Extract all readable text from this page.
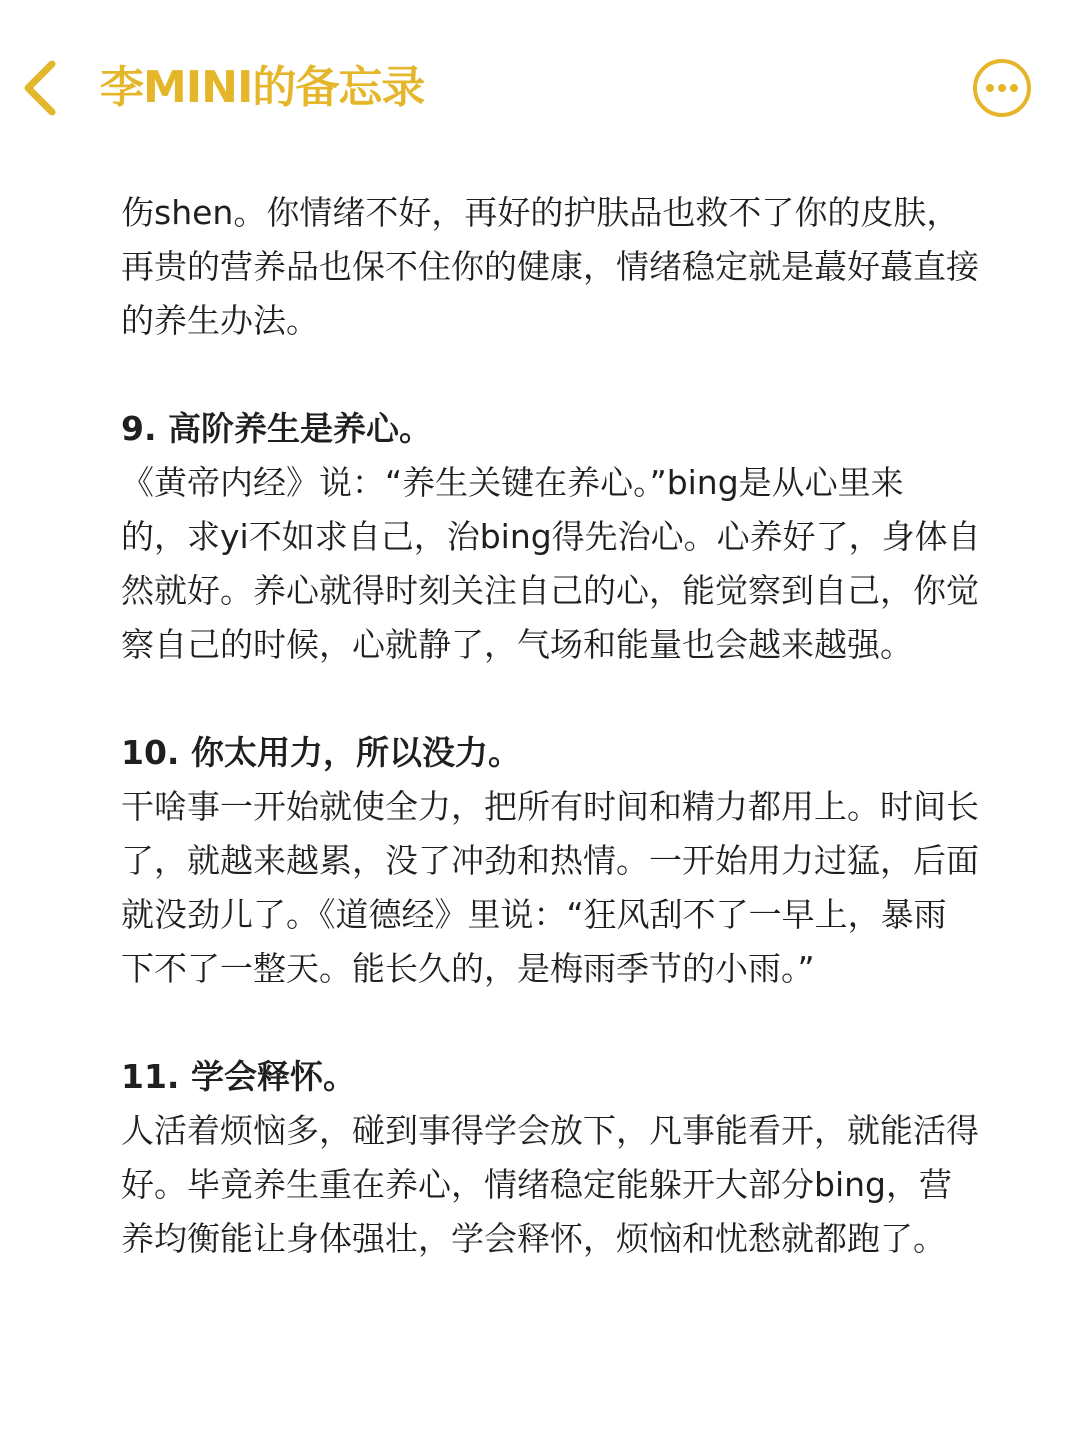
李MINI的备忘录

伤shen。你情绪不好，再好的护肤品也救不了你的皮肤，

再贵的营养品也保不住你的健康，情绪稳定就是蕞好蕞直接

的养生办法。

9. 高阶养生是养心。

《黄帝内经》说：“养生关键在养心。”bing是从心里来

的，求yi不如求自己，治bing得先治心。心养好了，身体自

然就好。养心就得时刻关注自己的心，能觉察到自己，你觉

察自己的时候，心就静了，气场和能量也会越来越强。

10. 你太用力，所以没力。

干啥事一开始就使全力，把所有时间和精力都用上。时间长

了，就越来越累，没了冲劲和热情。一开始用力过猛，后面

就没劲儿了。《道德经》里说：“狂风刮不了一早上，暴雨

下不了一整天。能长久的，是梅雨季节的小雨。”

11. 学会释怀。

人活着烦恼多，碰到事得学会放下，凡事能看开，就能活得

好。毕竟养生重在养心，情绪稳定能躲开大部分bing，营

养均衡能让身体强壮，学会释怀，烦恼和忧愁就都跑了。
